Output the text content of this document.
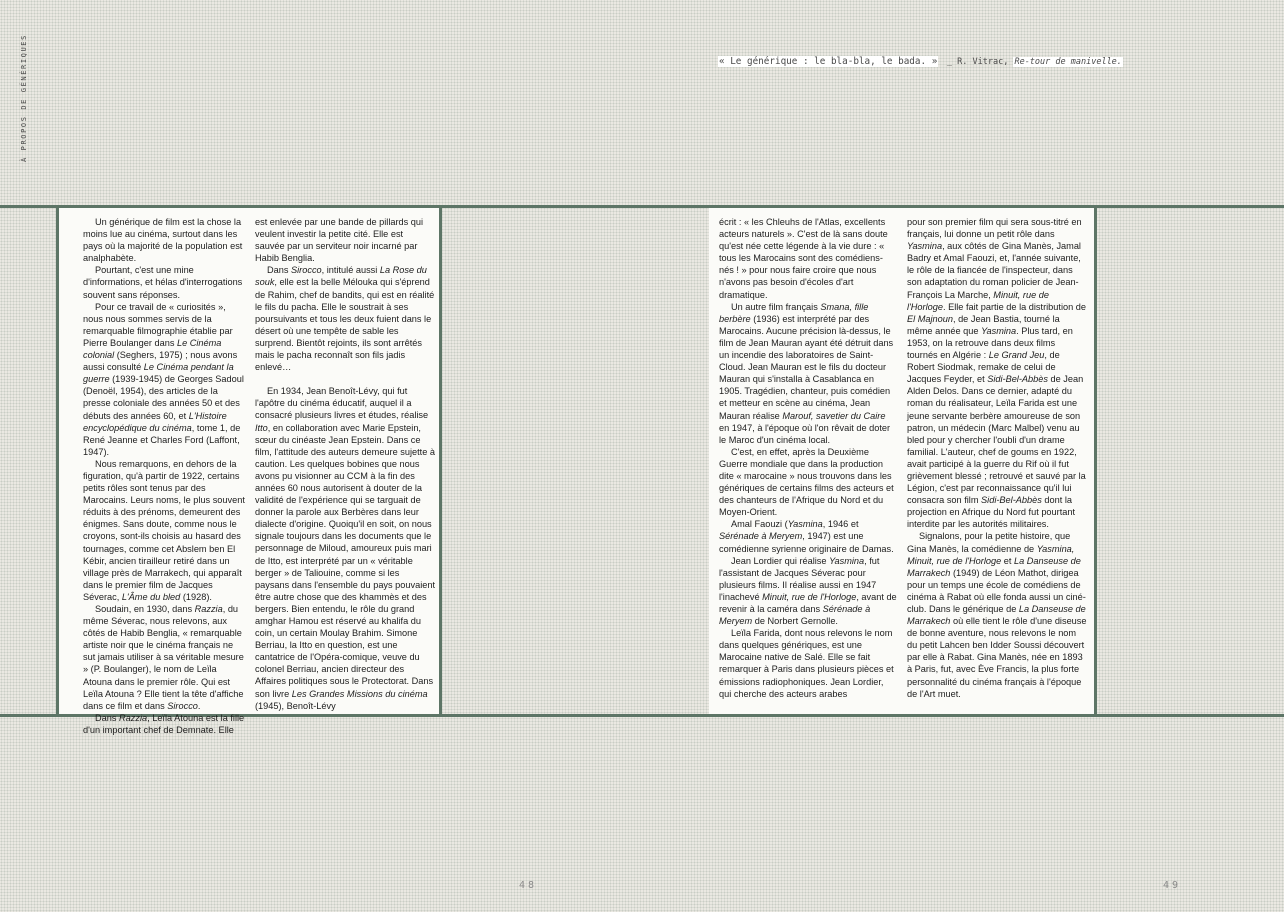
À PROPOS DE GÉNÉRIQUES	« Le générique : le bla-bla, le bada. » _ R. Vitrac, Re-tour de manivelle.

Un générique de film est la chose la moins lue au cinéma, surtout dans les pays où la majorité de la population est analphabète.

Pourtant, c'est une mine d'informations, et hélas d'interrogations souvent sans réponses.

Pour ce travail de « curiosités », nous nous sommes servis de la remarquable filmographie établie par Pierre Boulanger dans Le Cinéma colonial (Seghers, 1975) ; nous avons aussi consulté Le Cinéma pendant la guerre (1939-1945) de Georges Sadoul (Denoël, 1954), des articles de la presse coloniale des années 50 et des débuts des années 60, et L'Histoire encyclopédique du cinéma, tome 1, de René Jeanne et Charles Ford (Laffont, 1947).

Nous remarquons, en dehors de la figuration, qu'à partir de 1922, certains petits rôles sont tenus par des Marocains. Leurs noms, le plus souvent réduits à des prénoms, demeurent des énigmes. Sans doute, comme nous le croyons, sont-ils choisis au hasard des tournages, comme cet Abslem ben El Kébir, ancien tirailleur retiré dans un village près de Marrakech, qui apparaît dans le premier film de Jacques Séverac, L'Âme du bled (1928).

Soudain, en 1930, dans Razzia, du même Séverac, nous relevons, aux côtés de Habib Benglia, « remarquable artiste noir que le cinéma français ne sut jamais utiliser à sa véritable mesure » (P. Boulanger), le nom de Leïla Atouna dans le premier rôle. Qui est Leïla Atouna ? Elle tient la tête d'affiche dans ce film et dans Sirocco.

Dans Razzia, Leïla Atouna est la fille d'un important chef de Demnate. Elle

est enlevée par une bande de pillards qui veulent investir la petite cité. Elle est sauvée par un serviteur noir incarné par Habib Benglia.

Dans Sirocco, intitulé aussi La Rose du souk, elle est la belle Mélouka qui s'éprend de Rahim, chef de bandits, qui est en réalité le fils du pacha. Elle le soustrait à ses poursuivants et tous les deux fuient dans le désert où une tempête de sable les surprend. Bientôt rejoints, ils sont arrêtés mais le pacha reconnaît son fils jadis enlevé…

En 1934, Jean Benoît-Lévy, qui fut l'apôtre du cinéma éducatif, auquel il a consacré plusieurs livres et études, réalise Itto, en collaboration avec Marie Epstein, sœur du cinéaste Jean Epstein. Dans ce film, l'attitude des auteurs demeure sujette à caution. Les quelques bobines que nous avons pu visionner au CCM à la fin des années 60 nous autorisent à douter de la validité de l'expérience qui se targuait de donner la parole aux Berbères dans leur dialecte d'origine. Quoiqu'il en soit, on nous signale toujours dans les documents que le personnage de Miloud, amoureux puis mari de Itto, est interprété par un « véritable berger » de Taliouine, comme si les paysans dans l'ensemble du pays pouvaient être autre chose que des khammès et des bergers. Bien entendu, le rôle du grand amghar Hamou est réservé au khalifa du coin, un certain Moulay Brahim. Simone Berriau, la Itto en question, est une cantatrice de l'Opéra-comique, veuve du colonel Berriau, ancien directeur des Affaires politiques sous le Protectorat. Dans son livre Les Grandes Missions du cinéma (1945), Benoît-Lévy

écrit : « les Chleuhs de l'Atlas, excellents acteurs naturels ». C'est de là sans doute qu'est née cette légende à la vie dure : « tous les Marocains sont des comédiens-nés ! » pour nous faire croire que nous n'avons pas besoin d'écoles d'art dramatique.

Un autre film français Smana, fille berbère (1936) est interprété par des Marocains. Aucune précision là-dessus, le film de Jean Mauran ayant été détruit dans un incendie des laboratoires de Saint-Cloud. Jean Mauran est le fils du docteur Mauran qui s'installa à Casablanca en 1905. Tragédien, chanteur, puis comédien et metteur en scène au cinéma, Jean Mauran réalise Marouf, savetier du Caire en 1947, à l'époque où l'on rêvait de doter le Maroc d'un cinéma local.

C'est, en effet, après la Deuxième Guerre mondiale que dans la production dite « marocaine » nous trouvons dans les génériques de certains films des acteurs et des chanteurs de l'Afrique du Nord et du Moyen-Orient.

Amal Faouzi (Yasmina, 1946 et Sérénade à Meryem, 1947) est une comédienne syrienne originaire de Damas.

Jean Lordier qui réalise Yasmina, fut l'assistant de Jacques Séverac pour plusieurs films. Il réalise aussi en 1947 l'inachevé Minuit, rue de l'Horloge, avant de revenir à la caméra dans Sérénade à Meryem de Norbert Gernolle.

Leïla Farida, dont nous relevons le nom dans quelques génériques, est une Marocaine native de Salé. Elle se fait remarquer à Paris dans plusieurs pièces et émissions radiophoniques. Jean Lordier, qui cherche des acteurs arabes

pour son premier film qui sera sous-titré en français, lui donne un petit rôle dans Yasmina, aux côtés de Gina Manès, Jamal Badry et Amal Faouzi, et, l'année suivante, le rôle de la fiancée de l'inspecteur, dans son adaptation du roman policier de Jean-François La Marche, Minuit, rue de l'Horloge. Elle fait partie de la distribution de El Majnoun, de Jean Bastia, tourné la même année que Yasmina. Plus tard, en 1953, on la retrouve dans deux films tournés en Algérie : Le Grand Jeu, de Robert Siodmak, remake de celui de Jacques Feyder, et Sidi-Bel-Abbès de Jean Alden Delos. Dans ce dernier, adapté du roman du réalisateur, Leïla Farida est une jeune servante berbère amoureuse de son patron, un médecin (Marc Malbel) venu au bled pour y chercher l'oubli d'un drame familial. L'auteur, chef de goums en 1922, avait participé à la guerre du Rif où il fut grièvement blessé ; retrouvé et sauvé par la Légion, c'est par reconnaissance qu'il lui consacra son film Sidi-Bel-Abbès dont la projection en Afrique du Nord fut pourtant interdite par les autorités militaires.

Signalons, pour la petite histoire, que Gina Manès, la comédienne de Yasmina, Minuit, rue de l'Horloge et La Danseuse de Marrakech (1949) de Léon Mathot, dirigea pour un temps une école de comédiens de cinéma à Rabat où elle fonda aussi un ciné-club. Dans le générique de La Danseuse de Marrakech où elle tient le rôle d'une diseuse de bonne aventure, nous relevons le nom du petit Lahcen ben Idder Soussi découvert par elle à Rabat. Gina Manès, née en 1893 à Paris, fut, avec Ève Francis, la plus forte personnalité du cinéma français à l'époque de l'Art muet.

48	49
